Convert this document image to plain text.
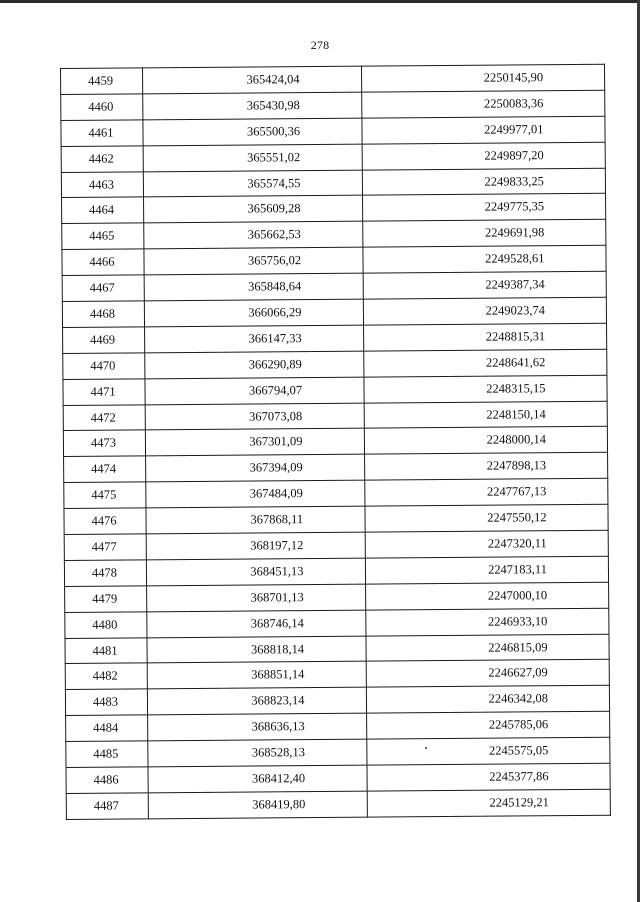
278
4459	365424,04	2250145,90
4460	365430,98	2250083,36
4461	365500,36	2249977,01
4462	365551,02	2249897,20
4463	365574,55	2249833,25
4464	365609,28	2249775,35
4465	365662,53	2249691,98
4466	365756,02	2249528,61
4467	365848,64	2249387,34
4468	366066,29	2249023,74
4469	366147,33	2248815,31
4470	366290,89	2248641,62
4471	366794,07	2248315,15
4472	367073,08	2248150,14
4473	367301,09	2248000,14
4474	367394,09	2247898,13
4475	367484,09	2247767,13
4476	367868,11	2247550,12
4477	368197,12	2247320,11
4478	368451,13	2247183,11
4479	368701,13	2247000,10
4480	368746,14	2246933,10
4481	368818,14	2246815,09
4482	368851,14	2246627,09
4483	368823,14	2246342,08
4484	368636,13	2245785,06
4485	368528,13	2245575,05
4486	368412,40	2245377,86
4487	368419,80	2245129,21
